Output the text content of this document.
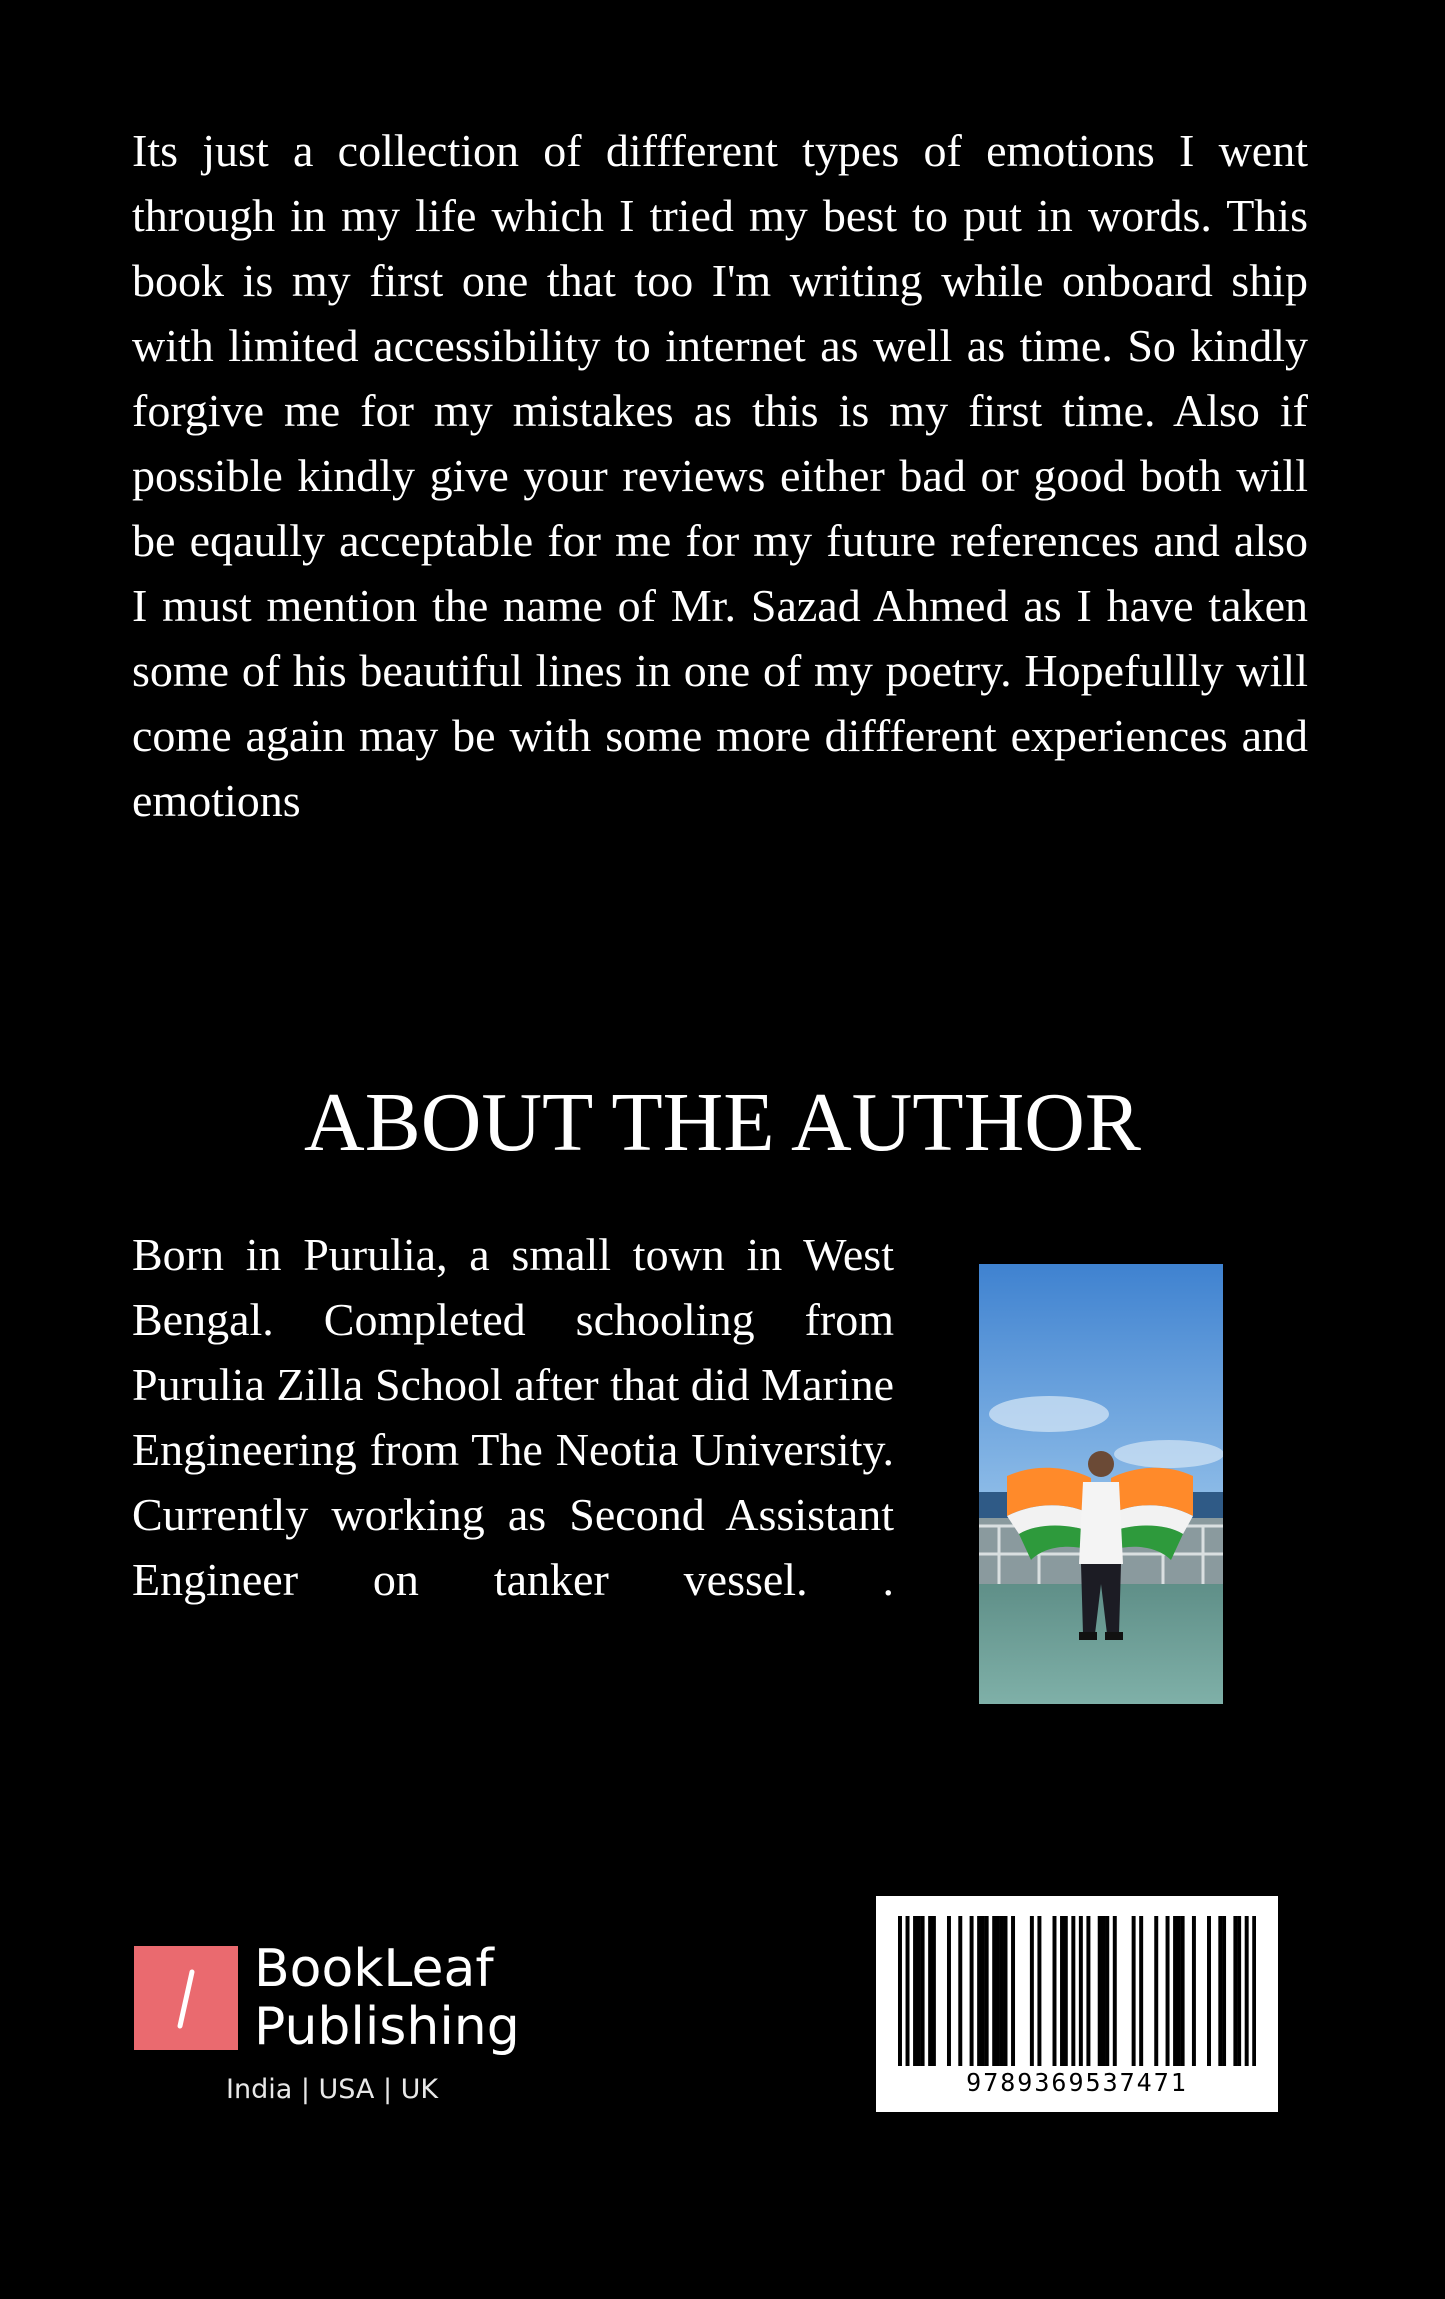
Its just a collection of diffferent types of emotions I went through in my life which I tried my best to put in words. This book is my first one that too I'm writing while onboard ship with limited accessibility to internet as well as time. So kindly forgive me for my mistakes as this is my first time. Also if possible kindly give your reviews either bad or good both will be eqaully acceptable for me for my future references and also I must mention the name of Mr. Sazad Ahmed as I have taken some of his beautiful lines in one of my poetry. Hopefullly will come again may be with some more diffferent experiences and emotions

ABOUT THE AUTHOR

Born in Purulia, a small town in West Bengal. Completed schooling from Purulia Zilla School after that did Marine Engineering from The Neotia University. Currently working as Second Assistant Engineer on tanker vessel. .

BookLeaf
Publishing
India | USA | UK	9789369537471
